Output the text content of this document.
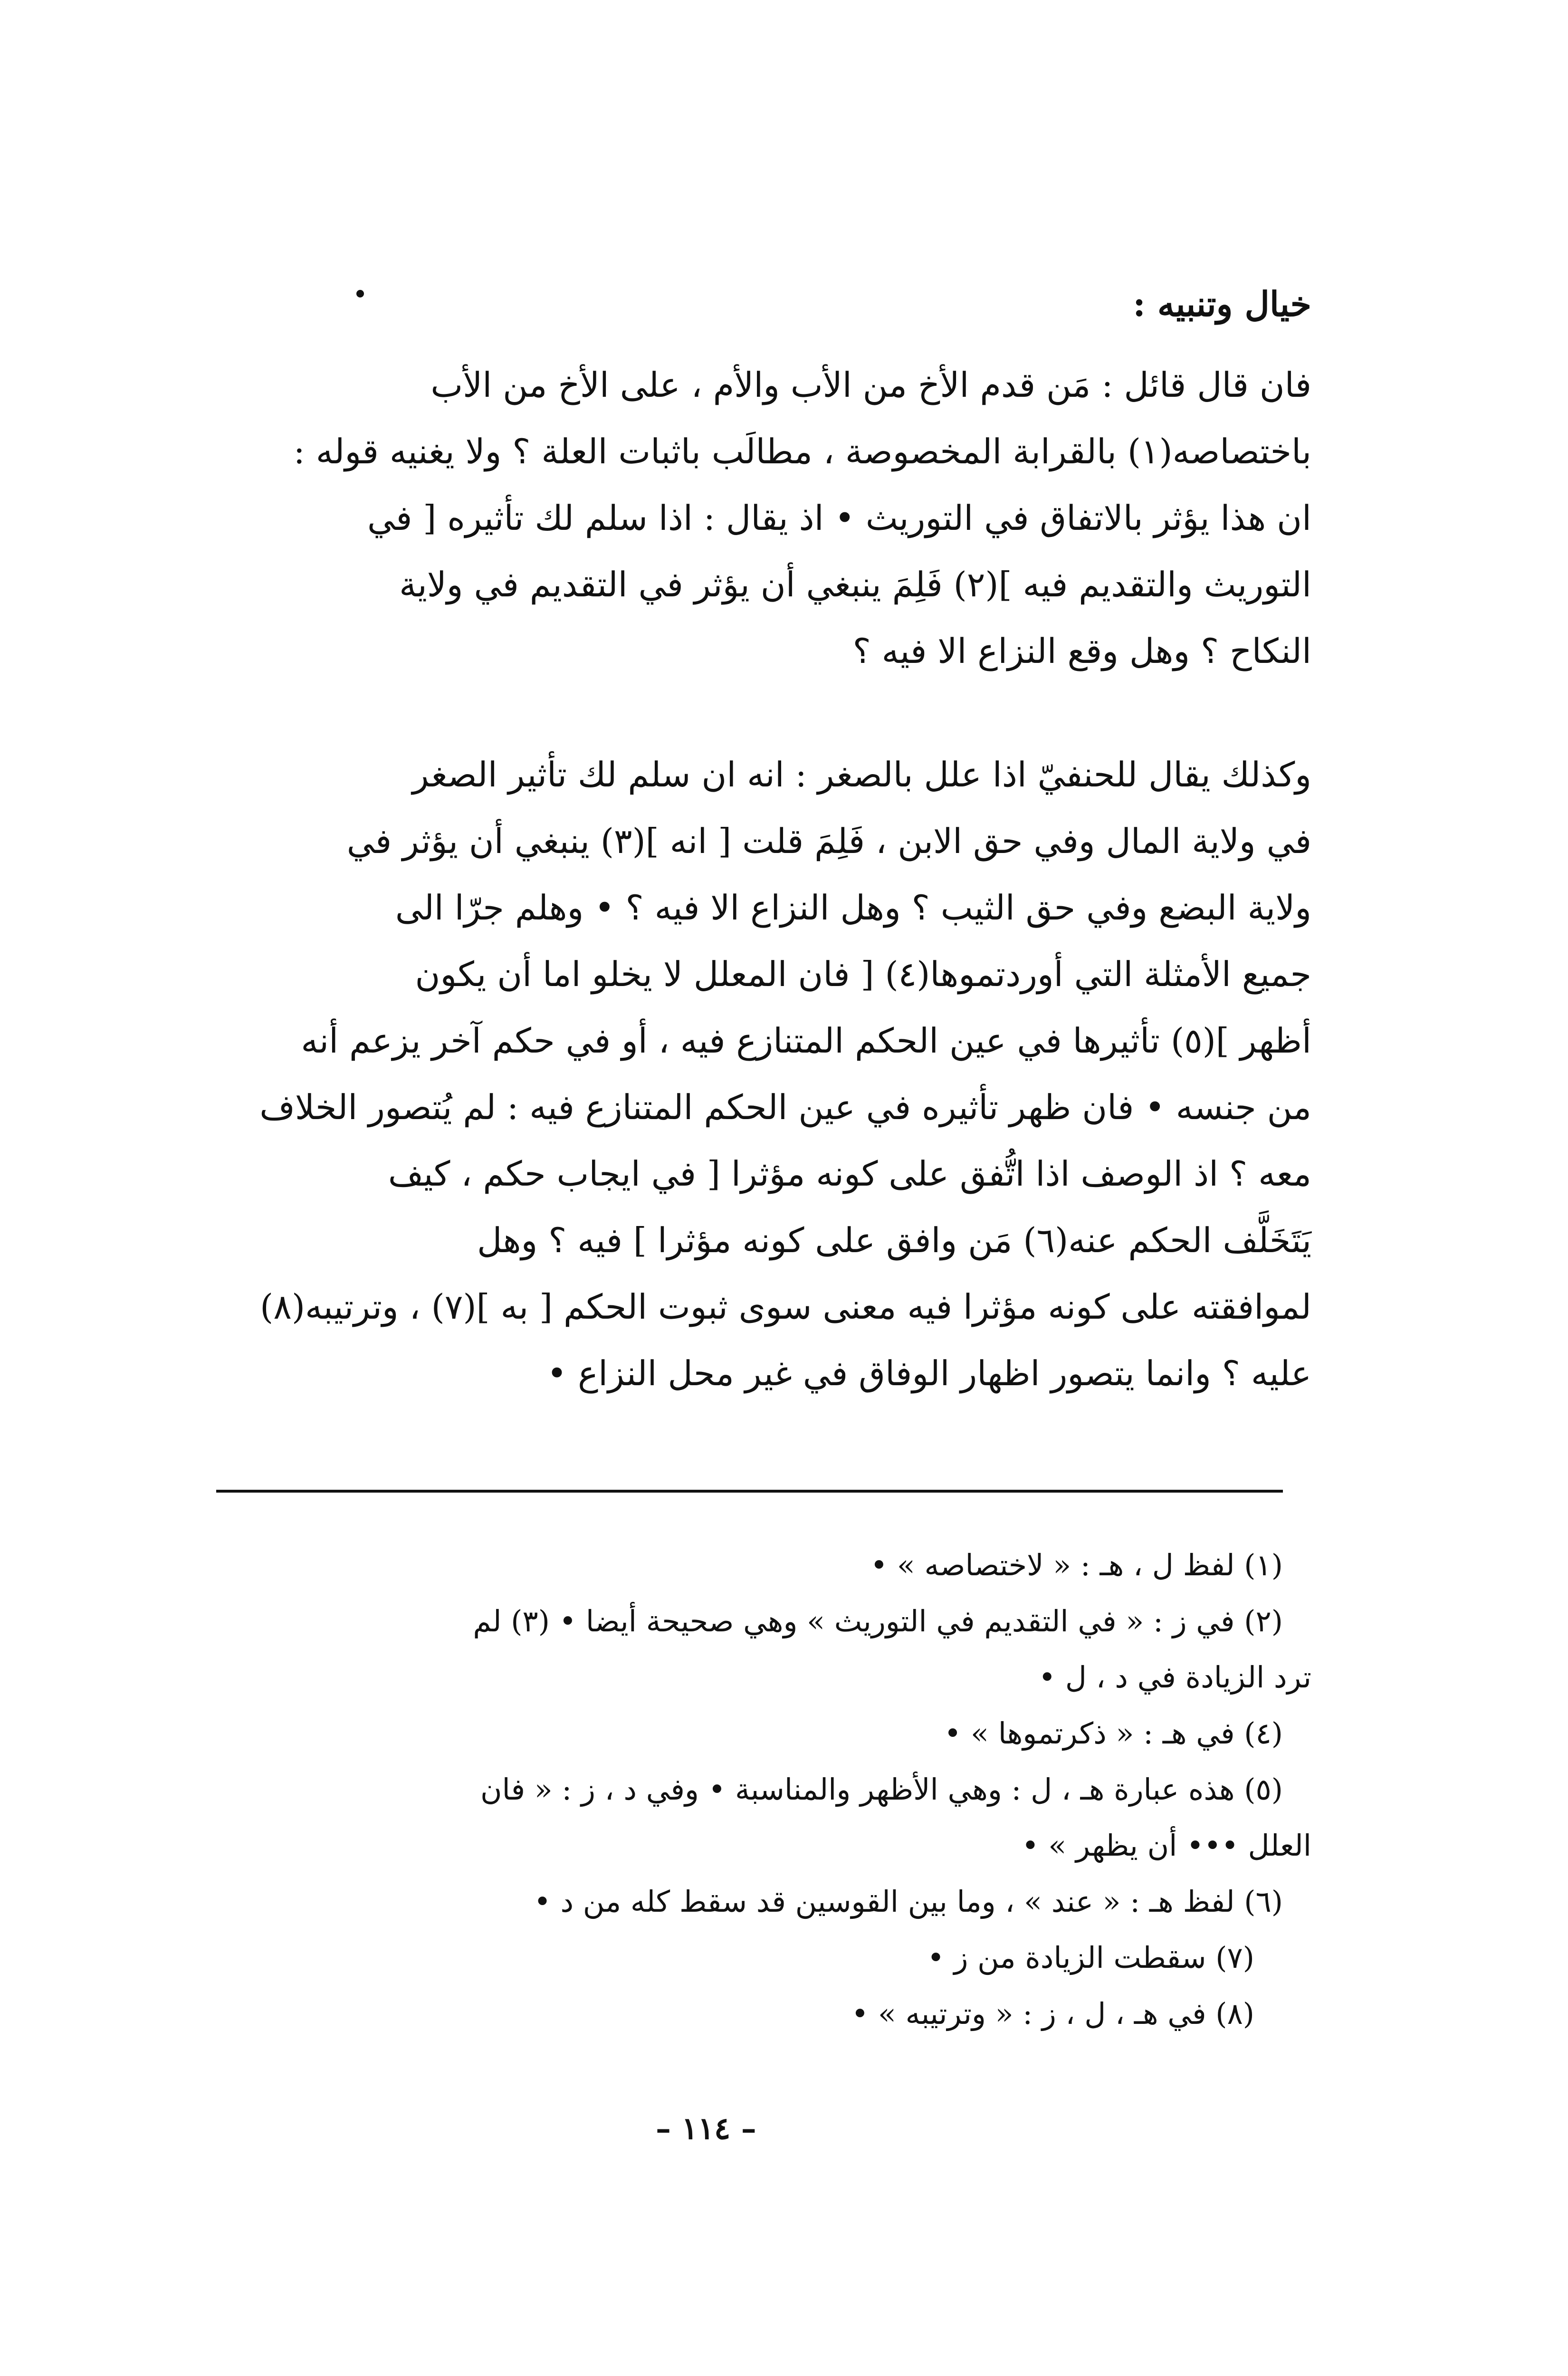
خيال وتنبيه :

فان قال قائل : مَن قدم الأخ من الأب والأم ، على الأخ من الأب
باختصاصه(١) بالقرابة المخصوصة ، مطالَب باثبات العلة ؟ ولا يغنيه قوله :
ان هذا يؤثر بالاتفاق في التوريث • اذ يقال : اذا سلم لك تأثيره [ في
التوريث والتقديم فيه ](٢) فَلِمَ ينبغي أن يؤثر في التقديم في ولاية
النكاح ؟ وهل وقع النزاع الا فيه ؟

وكذلك يقال للحنفيّ اذا علل بالصغر : انه ان سلم لك تأثير الصغر
في ولاية المال وفي حق الابن ، فَلِمَ قلت [ انه ](٣) ينبغي أن يؤثر في
ولاية البضع وفي حق الثيب ؟ وهل النزاع الا فيه ؟ • وهلم جرّا الى
جميع الأمثلة التي أوردتموها(٤) [ فان المعلل لا يخلو اما أن يكون
أظهر ](٥) تأثيرها في عين الحكم المتنازع فيه ، أو في حكم آخر يزعم أنه
من جنسه • فان ظهر تأثيره في عين الحكم المتنازع فيه : لم يُتصور الخلاف
معه ؟ اذ الوصف اذا اتُّفق على كونه مؤثرا [ في ايجاب حكم ، كيف
يَتَخَلَّف الحكم عنه(٦) مَن وافق على كونه مؤثرا ] فيه ؟ وهل
لموافقته على كونه مؤثرا فيه معنى سوى ثبوت الحكم [ به ](٧) ، وترتيبه(٨)
عليه ؟ وانما يتصور اظهار الوفاق في غير محل النزاع •

(١) لفظ ل ، هـ : « لاختصاصه » •
(٢) في ز : « في التقديم في التوريث » وهي صحيحة أيضا • (٣) لم
ترد الزيادة في د ، ل •
(٤) في هـ : « ذكرتموها » •
(٥) هذه عبارة هـ ، ل : وهي الأظهر والمناسبة • وفي د ، ز : « فان
العلل ••• أن يظهر » •
(٦) لفظ هـ : « عند » ، وما بين القوسين قد سقط كله من د •
(٧) سقطت الزيادة من ز •
(٨) في هـ ، ل ، ز : « وترتيبه » •
– ١١٤ –
